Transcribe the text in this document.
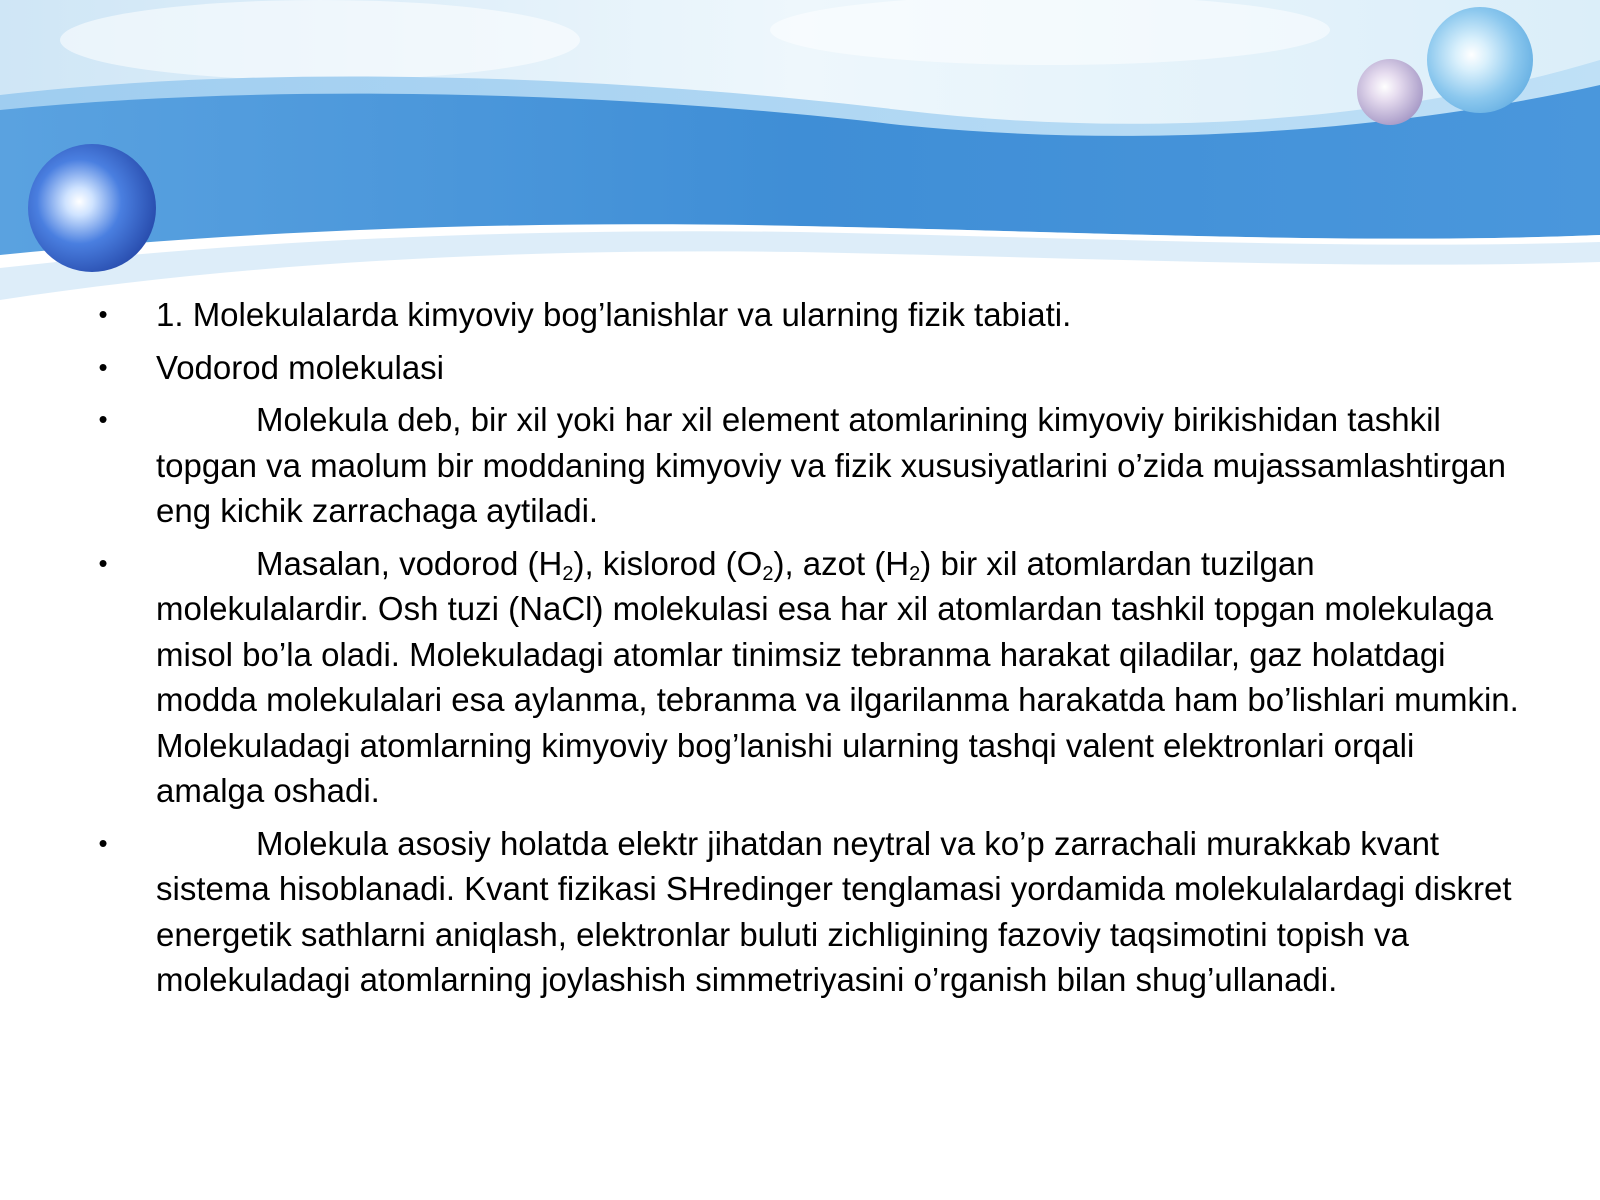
•	1. Molekulalarda kimyoviy bog’lanishlar va ularning fizik tabiati.
•	Vodorod molekulasi
•	Molekula deb, bir xil yoki har xil element atomlarining kimyoviy birikishidan tashkil topgan va maolum bir moddaning kimyoviy va fizik xususiyatlarini o’zida mujassamlashtirgan eng kichik zarrachaga aytiladi.
•	Masalan, vodorod $(H_2)$, kislorod $(O_2)$, azot $(H_2)$ bir xil atomlardan tuzilgan molekulalardir. Osh tuzi (NaCl) molekulasi esa har xil atomlardan tashkil topgan molekulaga misol bo’la oladi. Molekuladagi atomlar tinimsiz tebranma harakat qiladilar, gaz holatdagi modda molekulalari esa aylanma, tebranma va ilgarilanma harakatda ham bo’lishlari mumkin. Molekuladagi atomlarning kimyoviy bog’lanishi ularning tashqi valent elektronlari orqali amalga oshadi.
•	Molekula asosiy holatda elektr jihatdan neytral va ko’p zarrachali murakkab kvant sistema hisoblanadi. Kvant fizikasi SHredinger tenglamasi yordamida molekulalardagi diskret energetik sathlarni aniqlash, elektronlar buluti zichligining fazoviy taqsimotini topish va molekuladagi atomlarning joylashish simmetriyasini o’rganish bilan shug’ullanadi.
